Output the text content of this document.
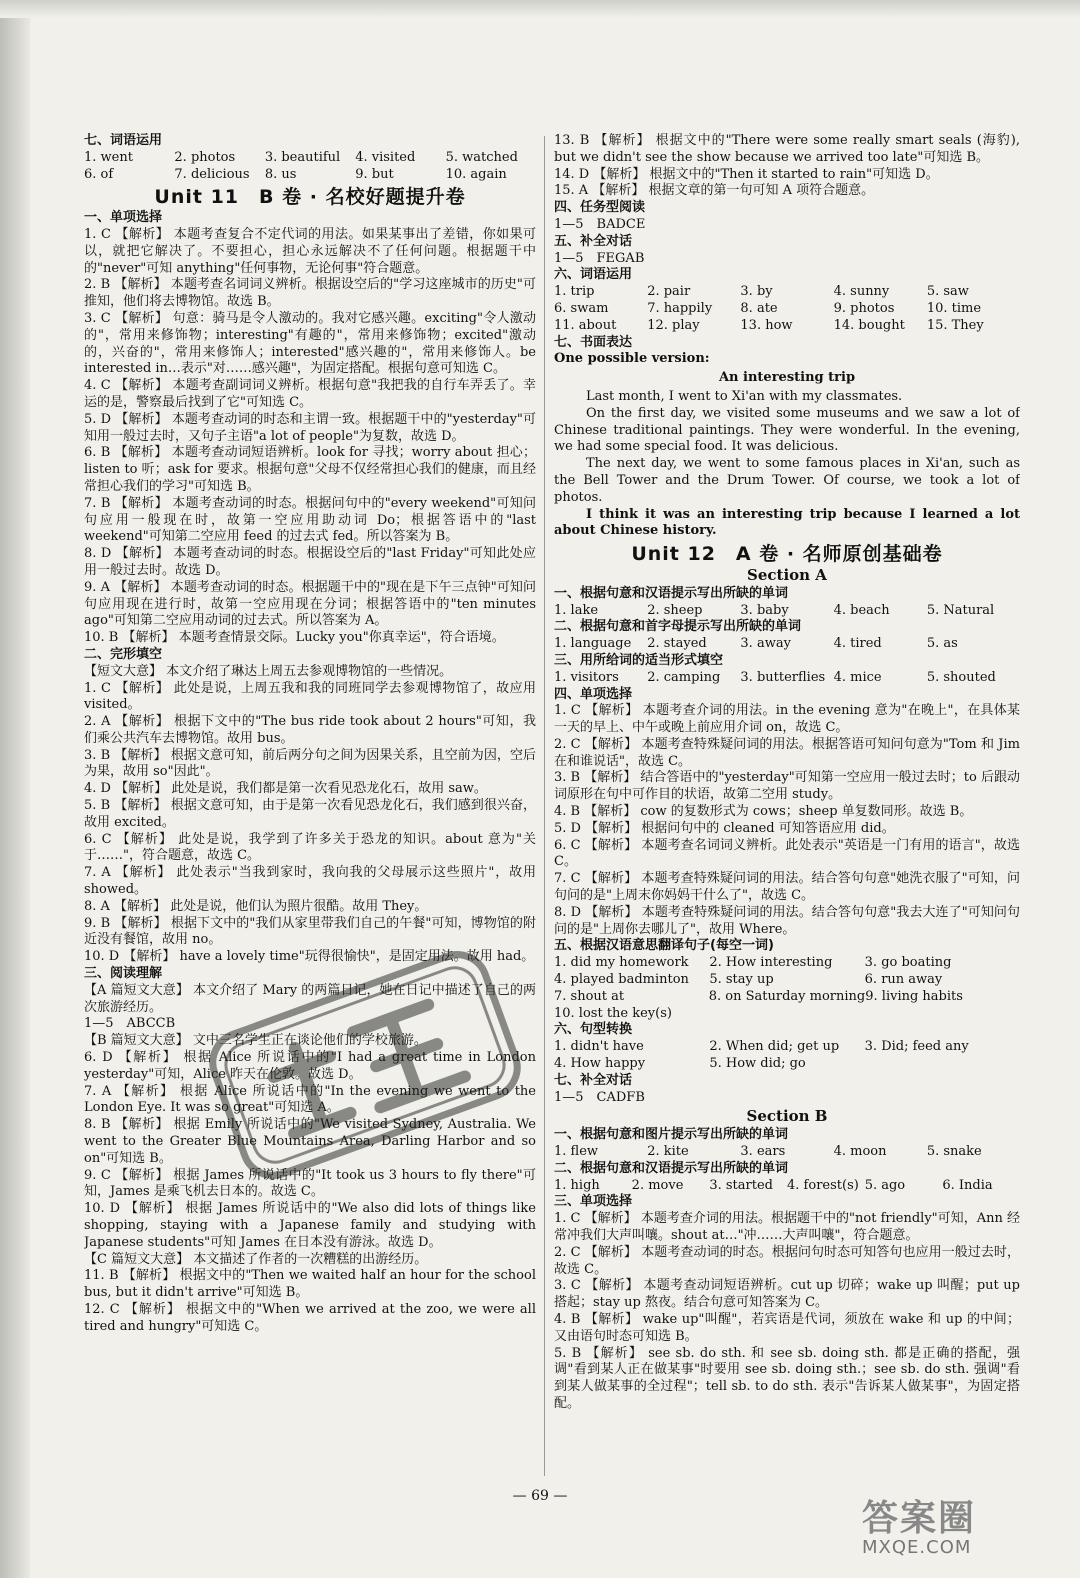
七、词语运用
1. went	2. photos	3. beautiful	4. visited	5. watched
6. of	7. delicious	8. us	9. but	10. again
Unit 11　B 卷 · 名校好题提升卷
一、单项选择
1. C 【解析】 本题考查复合不定代词的用法。如果某事出了差错，你如果可以，就把它解决了。不要担心，担心永远解决不了任何问题。根据题干中的"never"可知 anything"任何事物，无论何事"符合题意。
2. B 【解析】 本题考查名词词义辨析。根据设空后的"学习这座城市的历史"可推知，他们将去博物馆。故选 B。
3. C 【解析】 句意：骑马是令人激动的。我对它感兴趣。exciting"令人激动的"，常用来修饰物；interesting"有趣的"，常用来修饰物；excited"激动的，兴奋的"，常用来修饰人；interested"感兴趣的"，常用来修饰人。be interested in…表示"对……感兴趣"，为固定搭配。根据句意可知选 C。
4. C 【解析】 本题考查副词词义辨析。根据句意"我把我的自行车弄丢了。幸运的是，警察最后找到了它"可知选 C。
5. D 【解析】 本题考查动词的时态和主谓一致。根据题干中的"yesterday"可知用一般过去时，又句子主语"a lot of people"为复数，故选 D。
6. B 【解析】 本题考查动词短语辨析。look for 寻找；worry about 担心；listen to 听；ask for 要求。根据句意"父母不仅经常担心我们的健康，而且经常担心我们的学习"可知选 B。
7. B 【解析】 本题考查动词的时态。根据问句中的"every weekend"可知问句应用一般现在时，故第一空应用助动词 Do；根据答语中的"last weekend"可知第二空应用 feed 的过去式 fed。所以答案为 B。
8. D 【解析】 本题考查动词的时态。根据设空后的"last Friday"可知此处应用一般过去时。故选 D。
9. A 【解析】 本题考查动词的时态。根据题干中的"现在是下午三点钟"可知问句应用现在进行时，故第一空应用现在分词；根据答语中的"ten minutes ago"可知第二空应用动词的过去式。所以答案为 A。
10. B 【解析】 本题考查情景交际。Lucky you"你真幸运"，符合语境。
二、完形填空
【短文大意】 本文介绍了琳达上周五去参观博物馆的一些情况。
1. C 【解析】 此处是说，上周五我和我的同班同学去参观博物馆了，故应用 visited。
2. A 【解析】 根据下文中的"The bus ride took about 2 hours"可知，我们乘公共汽车去博物馆。故用 bus。
3. B 【解析】 根据文意可知，前后两分句之间为因果关系，且空前为因，空后为果，故用 so"因此"。
4. D 【解析】 此处是说，我们都是第一次看见恐龙化石，故用 saw。
5. B 【解析】 根据文意可知，由于是第一次看见恐龙化石，我们感到很兴奋，故用 excited。
6. C 【解析】 此处是说，我学到了许多关于恐龙的知识。about 意为"关于……"，符合题意，故选 C。
7. A 【解析】 此处表示"当我到家时，我向我的父母展示这些照片"，故用 showed。
8. A 【解析】 此处是说，他们认为照片很酷。故用 They。
9. B 【解析】 根据下文中的"我们从家里带我们自己的午餐"可知，博物馆的附近没有餐馆，故用 no。
10. D 【解析】 have a lovely time"玩得很愉快"，是固定用法。故用 had。
三、阅读理解
【A 篇短文大意】 本文介绍了 Mary 的两篇日记，她在日记中描述了自己的两次旅游经历。
1—5　ABCCB
【B 篇短文大意】 文中三名学生正在谈论他们的学校旅游。
6. D 【解析】 根据 Alice 所说话中的"I had a great time in London yesterday"可知，Alice 昨天在伦敦。故选 D。
7. A 【解析】 根据 Alice 所说话中的"In the evening we went to the London Eye. It was so great"可知选 A。
8. B 【解析】 根据 Emily 所说话中的"We visited Sydney, Australia. We went to the Greater Blue Mountains Area, Darling Harbor and so on"可知选 B。
9. C 【解析】 根据 James 所说话中的"It took us 3 hours to fly there"可知，James 是乘飞机去日本的。故选 C。
10. D 【解析】 根据 James 所说话中的"We also did lots of things like shopping, staying with a Japanese family and studying with Japanese students"可知 James 在日本没有游泳。故选 D。
【C 篇短文大意】 本文描述了作者的一次糟糕的出游经历。
11. B 【解析】 根据文中的"Then we waited half an hour for the school bus, but it didn't arrive"可知选 B。
12. C 【解析】 根据文中的"When we arrived at the zoo, we were all tired and hungry"可知选 C。
13. B 【解析】 根据文中的"There were some really smart seals (海豹), but we didn't see the show because we arrived too late"可知选 B。
14. D 【解析】 根据文中的"Then it started to rain"可知选 D。
15. A 【解析】 根据文章的第一句可知 A 项符合题意。
四、任务型阅读
1—5　BADCE
五、补全对话
1—5　FEGAB
六、词语运用
1. trip	2. pair	3. by	4. sunny	5. saw
6. swam	7. happily	8. ate	9. photos	10. time
11. about	12. play	13. how	14. bought	15. They
七、书面表达
One possible version:
An interesting trip

Last month, I went to Xi'an with my classmates.

On the first day, we visited some museums and we saw a lot of Chinese traditional paintings. They were wonderful. In the evening, we had some special food. It was delicious.

The next day, we went to some famous places in Xi'an, such as the Bell Tower and the Drum Tower. Of course, we took a lot of photos.

I think it was an interesting trip because I learned a lot about Chinese history.

Unit 12　A 卷 · 名师原创基础卷
Section A
一、根据句意和汉语提示写出所缺的单词
1. lake	2. sheep	3. baby	4. beach	5. Natural
二、根据句意和首字母提示写出所缺的单词
1. language	2. stayed	3. away	4. tired	5. as
三、用所给词的适当形式填空
1. visitors	2. camping	3. butterflies 4. mice	5. shouted
四、单项选择
1. C 【解析】 本题考查介词的用法。in the evening 意为"在晚上"，在具体某一天的早上、中午或晚上前应用介词 on，故选 C。
2. C 【解析】 本题考查特殊疑问词的用法。根据答语可知问句意为"Tom 和 Jim 在和谁说话"，故选 C。
3. B 【解析】 结合答语中的"yesterday"可知第一空应用一般过去时；to 后跟动词原形在句中可作目的状语，故第二空用 study。
4. B 【解析】 cow 的复数形式为 cows；sheep 单复数同形。故选 B。
5. D 【解析】 根据问句中的 cleaned 可知答语应用 did。
6. C 【解析】 本题考查名词词义辨析。此处表示"英语是一门有用的语言"，故选 C。
7. C 【解析】 本题考查特殊疑问词的用法。结合答句句意"她洗衣服了"可知，问句问的是"上周末你妈妈干什么了"，故选 C。
8. D 【解析】 本题考查特殊疑问词的用法。结合答句句意"我去大连了"可知问句问的是"上周你去哪儿了"，故用 Where。
五、根据汉语意思翻译句子(每空一词)
1. did my homework	2. How interesting	3. go boating
4. played badminton	5. stay up	6. run away
7. shout at	8. on Saturday morning 9. living habits
10. lost the key(s)
六、句型转换
1. didn't have	2. When did; get up	3. Did; feed any
4. How happy	5. How did; go
七、补全对话
1—5　CADFB
Section B
一、根据句意和图片提示写出所缺的单词
1. flew	2. kite	3. ears	4. moon	5. snake
二、根据句意和汉语提示写出所缺的单词
1. high	2. move	3. started	4. forest(s) 5. ago	6. India
三、单项选择
1. C 【解析】 本题考查介词的用法。根据题干中的"not friendly"可知，Ann 经常冲我们大声叫嚷。shout at…"冲……大声叫嚷"，符合题意。
2. C 【解析】 本题考查动词的时态。根据问句时态可知答句也应用一般过去时，故选 C。
3. C 【解析】 本题考查动词短语辨析。cut up 切碎；wake up 叫醒；put up 搭起；stay up 熬夜。结合句意可知答案为 C。
4. B 【解析】 wake up"叫醒"，若宾语是代词，须放在 wake 和 up 的中间；又由语句时态可知选 B。
5. B 【解析】 see sb. do sth. 和 see sb. doing sth. 都是正确的搭配，强调"看到某人正在做某事"时要用 see sb. doing sth.；see sb. do sth. 强调"看到某人做某事的全过程"；tell sb. to do sth. 表示"告诉某人做某事"，为固定搭配。
— 69 —
答案圈
MXQE.COM
